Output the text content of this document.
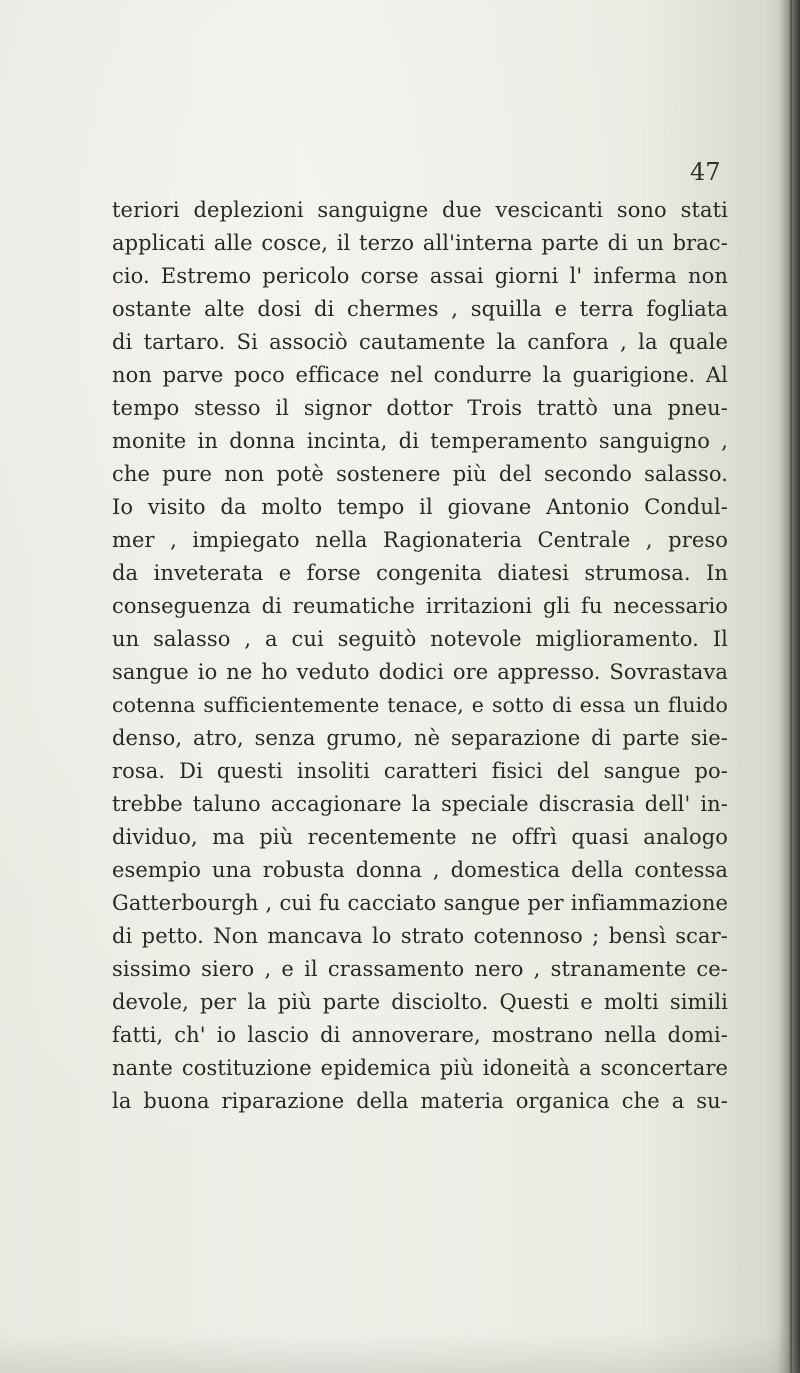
47
teriori deplezioni sanguigne due vescicanti sono stati
applicati alle cosce, il terzo all'interna parte di un brac-
cio. Estremo pericolo corse assai giorni l' inferma non
ostante alte dosi di chermes , squilla e terra fogliata
di tartaro. Si associò cautamente la canfora , la quale
non parve poco efficace nel condurre la guarigione. Al
tempo stesso il signor dottor Trois trattò una pneu-
monite in donna incinta, di temperamento sanguigno ,
che pure non potè sostenere più del secondo salasso.
Io visito da molto tempo il giovane Antonio Condul-
mer , impiegato nella Ragionateria Centrale , preso
da inveterata e forse congenita diatesi strumosa. In
conseguenza di reumatiche irritazioni gli fu necessario
un salasso , a cui seguitò notevole miglioramento. Il
sangue io ne ho veduto dodici ore appresso. Sovrastava
cotenna sufficientemente tenace, e sotto di essa un fluido
denso, atro, senza grumo, nè separazione di parte sie-
rosa. Di questi insoliti caratteri fisici del sangue po-
trebbe taluno accagionare la speciale discrasia dell' in-
dividuo, ma più recentemente ne offrì quasi analogo
esempio una robusta donna , domestica della contessa
Gatterbourgh , cui fu cacciato sangue per infiammazione
di petto. Non mancava lo strato cotennoso ; bensì scar-
sissimo siero , e il crassamento nero , stranamente ce-
devole, per la più parte disciolto. Questi e molti simili
fatti, ch' io lascio di annoverare, mostrano nella domi-
nante costituzione epidemica più idoneità a sconcertare
la buona riparazione della materia organica che a su-
